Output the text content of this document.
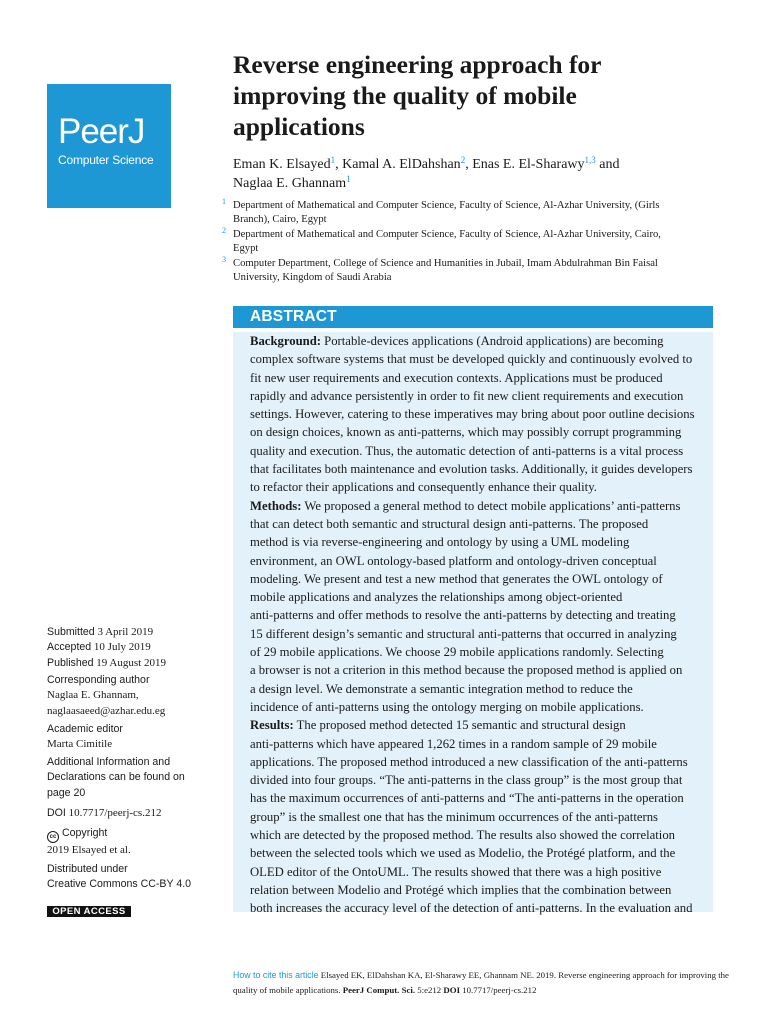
PeerJ
Computer Science
Reverse engineering approach for
improving the quality of mobile
applications
Eman K. Elsayed$^1$, Kamal A. ElDahshan$^2$, Enas E. El-Sharawy$^{1,3}$ and
Naglaa E. Ghannam$^1$
1 Department of Mathematical and Computer Science, Faculty of Science, Al-Azhar University, (Girls Branch), Cairo, Egypt
2 Department of Mathematical and Computer Science, Faculty of Science, Al-Azhar University, Cairo, Egypt
3 Computer Department, College of Science and Humanities in Jubail, Imam Abdulrahman Bin Faisal University, Kingdom of Saudi Arabia
ABSTRACT
Background: Portable-devices applications (Android applications) are becoming
complex software systems that must be developed quickly and continuously evolved to
fit new user requirements and execution contexts. Applications must be produced
rapidly and advance persistently in order to fit new client requirements and execution
settings. However, catering to these imperatives may bring about poor outline decisions
on design choices, known as anti-patterns, which may possibly corrupt programming
quality and execution. Thus, the automatic detection of anti-patterns is a vital process
that facilitates both maintenance and evolution tasks. Additionally, it guides developers
to refactor their applications and consequently enhance their quality.
Methods: We proposed a general method to detect mobile applications’ anti-patterns
that can detect both semantic and structural design anti-patterns. The proposed
method is via reverse-engineering and ontology by using a UML modeling
environment, an OWL ontology-based platform and ontology-driven conceptual
modeling. We present and test a new method that generates the OWL ontology of
mobile applications and analyzes the relationships among object-oriented
anti-patterns and offer methods to resolve the anti-patterns by detecting and treating
15 different design’s semantic and structural anti-patterns that occurred in analyzing
of 29 mobile applications. We choose 29 mobile applications randomly. Selecting
a browser is not a criterion in this method because the proposed method is applied on
a design level. We demonstrate a semantic integration method to reduce the
incidence of anti-patterns using the ontology merging on mobile applications.
Results: The proposed method detected 15 semantic and structural design
anti-patterns which have appeared 1,262 times in a random sample of 29 mobile
applications. The proposed method introduced a new classification of the anti-patterns
divided into four groups. “The anti-patterns in the class group” is the most group that
has the maximum occurrences of anti-patterns and “The anti-patterns in the operation
group” is the smallest one that has the minimum occurrences of the anti-patterns
which are detected by the proposed method. The results also showed the correlation
between the selected tools which we used as Modelio, the Protégé platform, and the
OLED editor of the OntoUML. The results showed that there was a high positive
relation between Modelio and Protégé which implies that the combination between
both increases the accuracy level of the detection of anti-patterns. In the evaluation and
Submitted 3 April 2019
Accepted 10 July 2019
Published 19 August 2019
Corresponding author
Naglaa E. Ghannam,
naglaasaeed@azhar.edu.eg
Academic editor
Marta Cimitile
Additional Information and
Declarations can be found on
page 20
DOI 10.7717/peerj-cs.212
cc Copyright
2019 Elsayed et al.
Distributed under
Creative Commons CC-BY 4.0
OPEN ACCESS
How to cite this article Elsayed EK, ElDahshan KA, El-Sharawy EE, Ghannam NE. 2019. Reverse engineering approach for improving the
quality of mobile applications. PeerJ Comput. Sci. 5:e212 DOI 10.7717/peerj-cs.212
